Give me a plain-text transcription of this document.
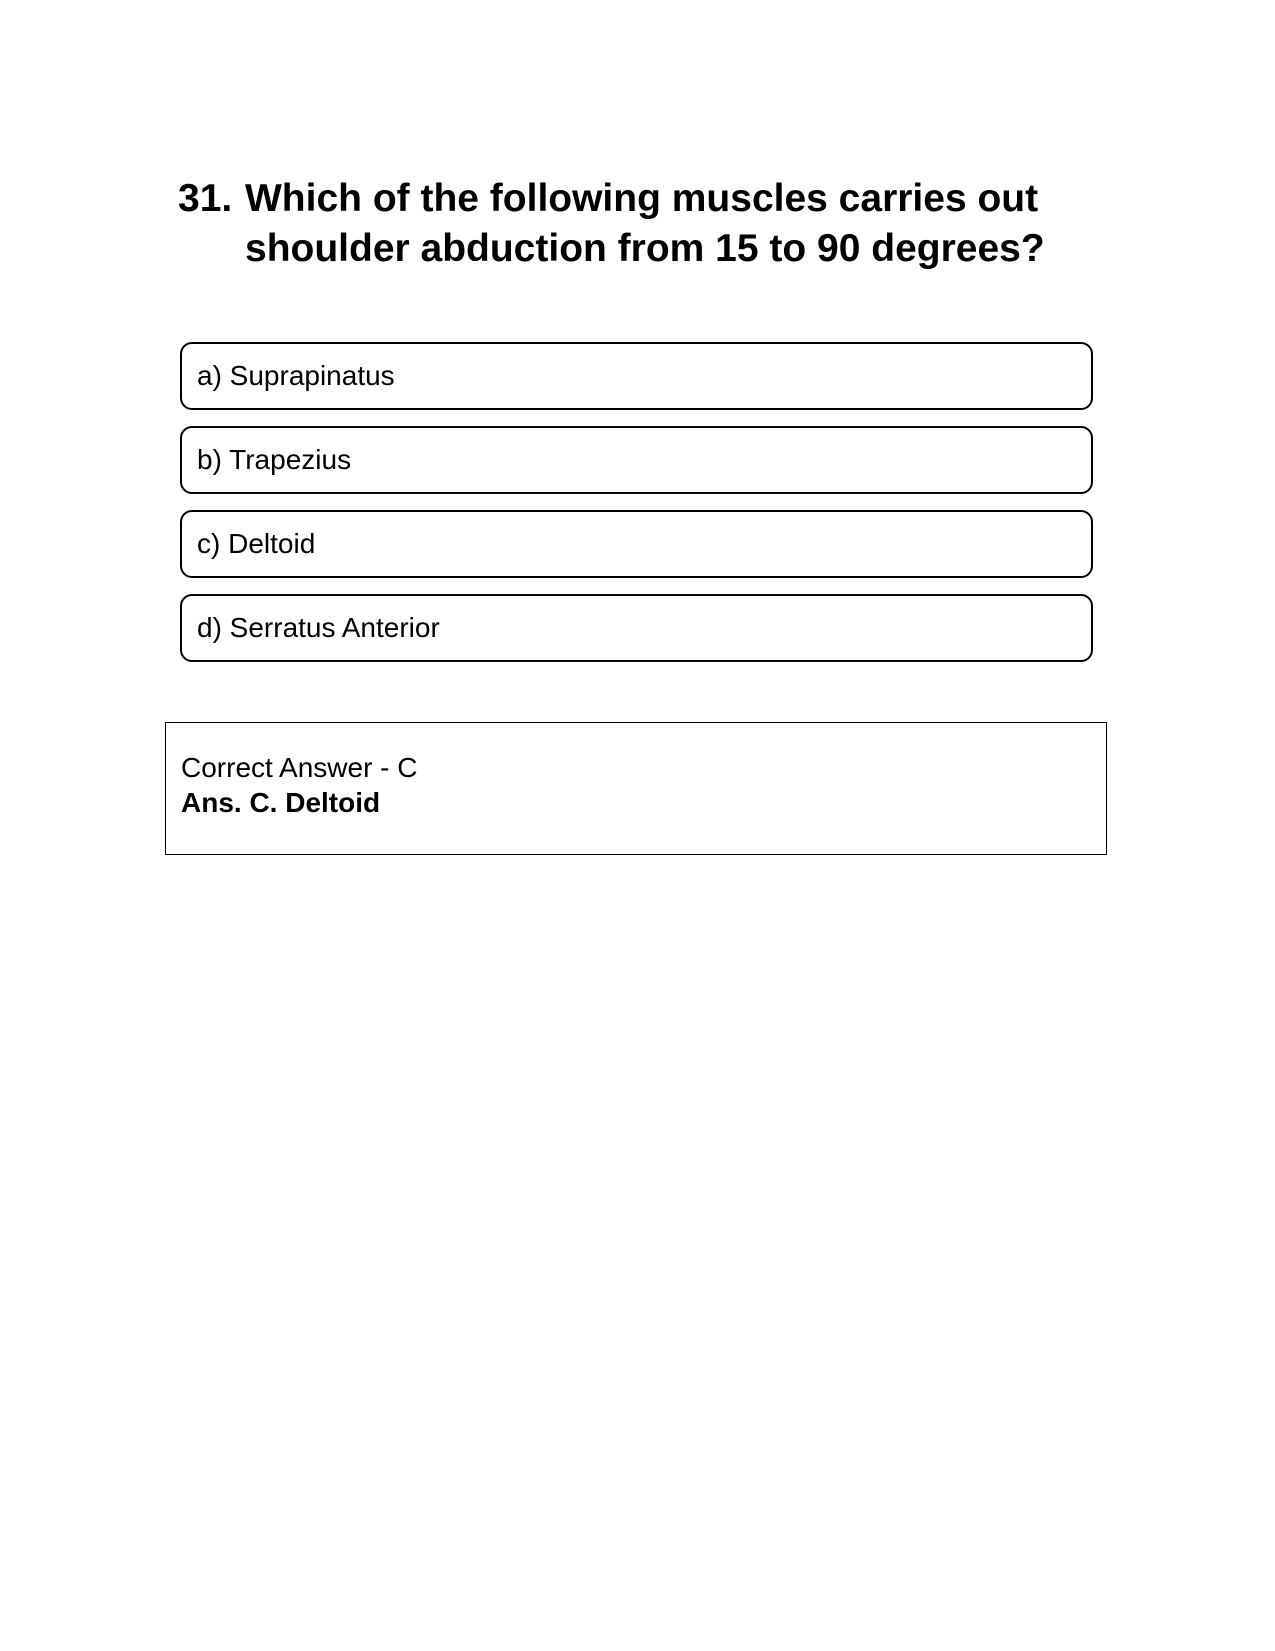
31. Which of the following muscles carries out shoulder abduction from 15 to 90 degrees?
a) Suprapinatus
b) Trapezius
c) Deltoid
d) Serratus Anterior
Correct Answer - C
Ans. C. Deltoid
